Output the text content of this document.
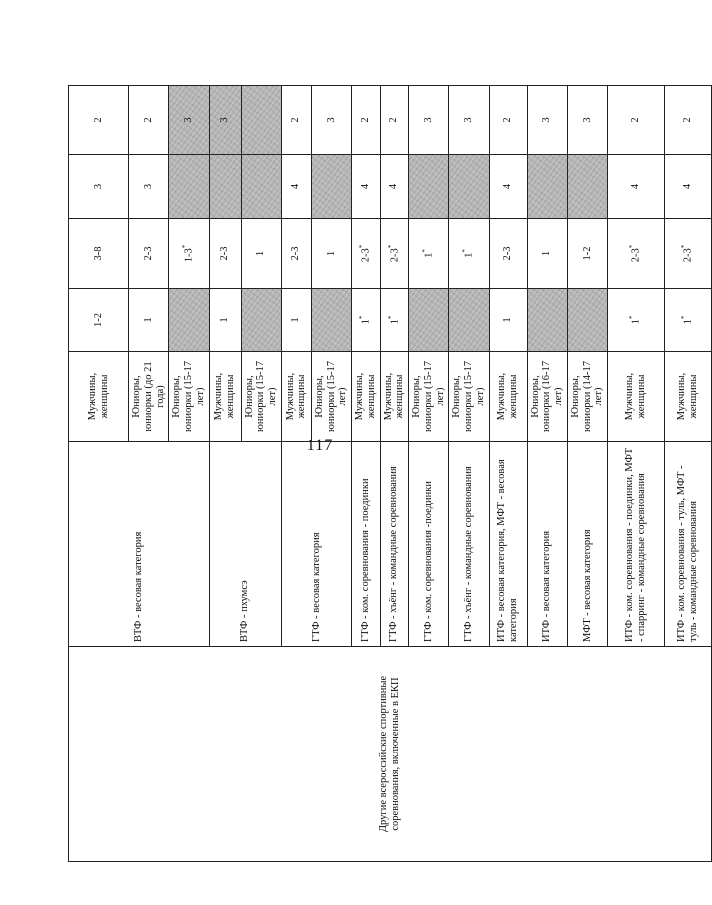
117
Другие всероссийские спортивные соревнования, включенные в ЕКП	ВТФ - весовая категория	Мужчины, женщины	1-2	3-8	3	2
		Юниоры, юниорки (до 21 года)	1	2-3	3	2
		Юниоры, юниорки (15-17 лет)		1-3*		3
	ВТФ - пхумсэ	Мужчины, женщины	1	2-3		3
		Юниоры, юниорки (15-17 лет)		1		
	ГТФ - весовая категория	Мужчины, женщины	1	2-3	4	2
		Юниоры, юниорки (15-17 лет)		1		3
	ГТФ - ком. соревнования - поединки	Мужчины, женщины	1*	2-3*	4	2
	ГТФ - хъёнг - командные соревнования	Мужчины, женщины	1*	2-3*	4	2
	ГТФ - ком. соревнования -поединки	Юниоры, юниорки (15-17 лет)		1*		3
	ГТФ - хъёнг - командные соревнования	Юниоры, юниорки (15-17 лет)		1*		3
	ИТФ - весовая категория, МФТ - весовая категория	Мужчины, женщины	1	2-3	4	2
	ИТФ - весовая категория	Юниоры, юниорки (16-17 лет)		1		3
	МФТ - весовая категория	Юниоры, юниорки (14-17 лет)		1-2		3
	ИТФ - ком. соревнования - поединки, МФТ - спарринг - командные соревнования	Мужчины, женщины	1*	2-3*	4	2
	ИТФ - ком. соревнования - туль, МФТ - туль - командные соревнования	Мужчины, женщины	1*	2-3*	4	2
